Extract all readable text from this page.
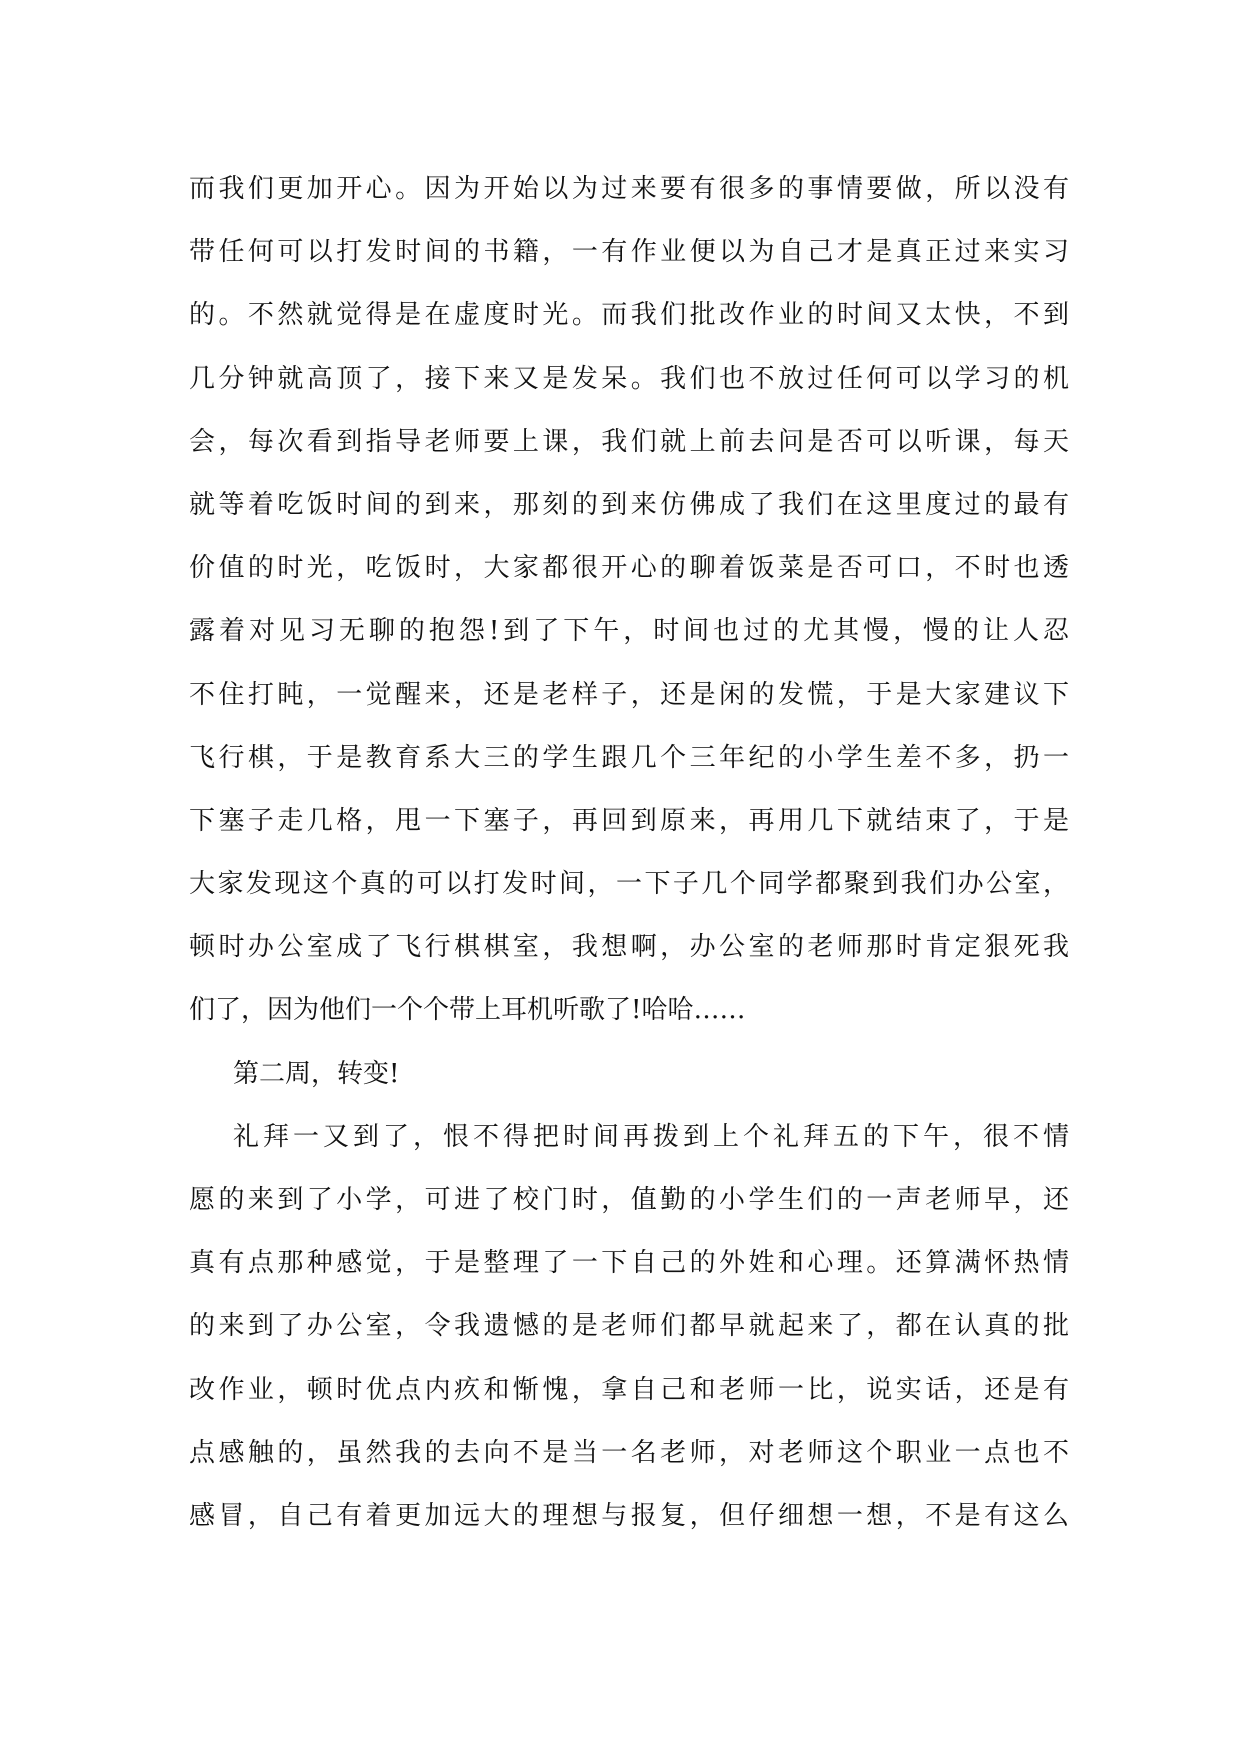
而我们更加开心。因为开始以为过来要有很多的事情要做，所以没有
带任何可以打发时间的书籍，一有作业便以为自己才是真正过来实习
的。不然就觉得是在虚度时光。而我们批改作业的时间又太快，不到
几分钟就高顶了，接下来又是发呆。我们也不放过任何可以学习的机
会，每次看到指导老师要上课，我们就上前去问是否可以听课，每天
就等着吃饭时间的到来，那刻的到来仿佛成了我们在这里度过的最有
价值的时光，吃饭时，大家都很开心的聊着饭菜是否可口，不时也透
露着对见习无聊的抱怨!到了下午，时间也过的尤其慢，慢的让人忍
不住打盹，一觉醒来，还是老样子，还是闲的发慌，于是大家建议下
飞行棋，于是教育系大三的学生跟几个三年纪的小学生差不多，扔一
下塞子走几格，甩一下塞子，再回到原来，再用几下就结束了，于是
大家发现这个真的可以打发时间，一下子几个同学都聚到我们办公室，
顿时办公室成了飞行棋棋室，我想啊，办公室的老师那时肯定狠死我
们了，因为他们一个个带上耳机听歌了!哈哈……
第二周，转变!
礼拜一又到了，恨不得把时间再拨到上个礼拜五的下午，很不情
愿的来到了小学，可进了校门时，值勤的小学生们的一声老师早，还
真有点那种感觉，于是整理了一下自己的外姓和心理。还算满怀热情
的来到了办公室，令我遗憾的是老师们都早就起来了，都在认真的批
改作业，顿时优点内疚和惭愧，拿自己和老师一比，说实话，还是有
点感触的，虽然我的去向不是当一名老师，对老师这个职业一点也不
感冒，自己有着更加远大的理想与报复，但仔细想一想，不是有这么
